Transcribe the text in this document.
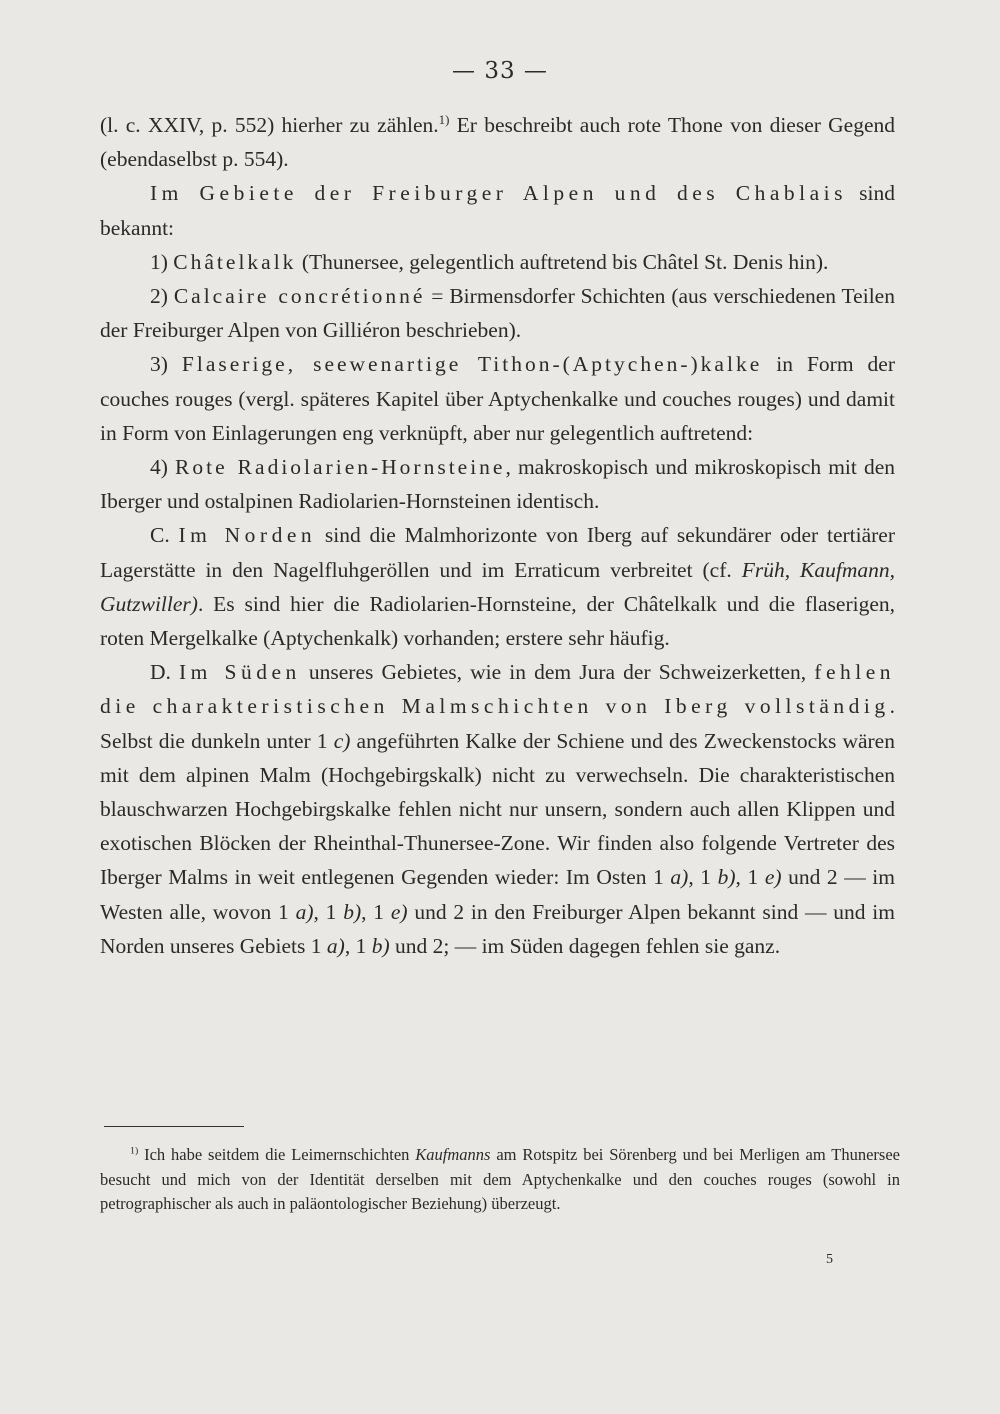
— 33 —

(l. c. XXIV, p. 552) hierher zu zählen.$^{1)}$ Er beschreibt auch rote Thone von dieser Gegend (ebendaselbst p. 554).

Im Gebiete der Freiburger Alpen und des Chablais sind bekannt:

1) Châtelkalk (Thunersee, gelegentlich auftretend bis Châtel St. Denis hin).

2) Calcaire concrétionné = Birmensdorfer Schichten (aus verschiedenen Teilen der Freiburger Alpen von Gilliéron beschrieben).

3) Flaserige, seewenartige Tithon-(Aptychen-)kalke in Form der couches rouges (vergl. späteres Kapitel über Aptychenkalke und couches rouges) und damit in Form von Einlagerungen eng verknüpft, aber nur gelegentlich auftretend:

4) Rote Radiolarien-Hornsteine, makroskopisch und mikroskopisch mit den Iberger und ostalpinen Radiolarien-Hornsteinen identisch.

C. Im Norden sind die Malmhorizonte von Iberg auf sekundärer oder tertiärer Lagerstätte in den Nagelfluhgeröllen und im Erraticum verbreitet (cf. Früh, Kaufmann, Gutzwiller). Es sind hier die Radiolarien-Hornsteine, der Châtelkalk und die flaserigen, roten Mergelkalke (Aptychenkalk) vorhanden; erstere sehr häufig.

D. Im Süden unseres Gebietes, wie in dem Jura der Schweizerketten, fehlen die charakteristischen Malmschichten von Iberg vollständig. Selbst die dunkeln unter 1 c) angeführten Kalke der Schiene und des Zweckenstocks wären mit dem alpinen Malm (Hochgebirgskalk) nicht zu verwechseln. Die charakteristischen blauschwarzen Hochgebirgskalke fehlen nicht nur unsern, sondern auch allen Klippen und exotischen Blöcken der Rheinthal-Thunersee-Zone. Wir finden also folgende Vertreter des Iberger Malms in weit entlegenen Gegenden wieder: Im Osten 1 a), 1 b), 1 e) und 2 — im Westen alle, wovon 1 a), 1 b), 1 e) und 2 in den Freiburger Alpen bekannt sind — und im Norden unseres Gebiets 1 a), 1 b) und 2; — im Süden dagegen fehlen sie ganz.

$^{1)}$ Ich habe seitdem die Leimernschichten Kaufmanns am Rotspitz bei Sörenberg und bei Merligen am Thunersee besucht und mich von der Identität derselben mit dem Aptychenkalke und den couches rouges (sowohl in petrographischer als auch in paläontologischer Beziehung) überzeugt.

5
